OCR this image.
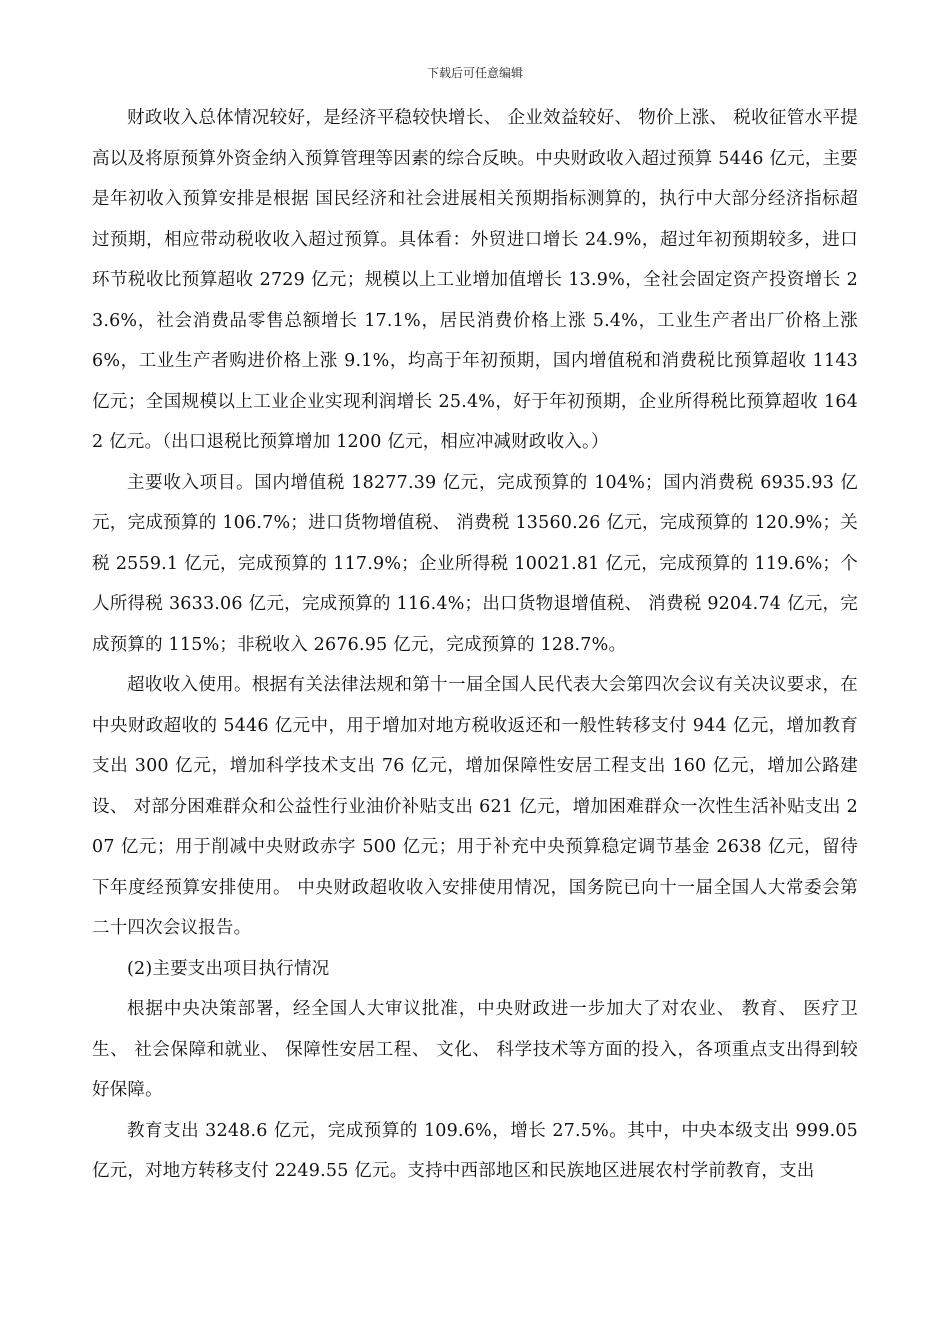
下载后可任意编辑

财政收入总体情况较好，是经济平稳较快增长、 企业效益较好、 物价上涨、 税收征管水平提高以及将原预算外资金纳入预算管理等因素的综合反映。中央财政收入超过预算 5446 亿元，主要是年初收入预算安排是根据 国民经济和社会进展相关预期指标测算的，执行中大部分经济指标超过预期，相应带动税收收入超过预算。具体看：外贸进口增长 24.9%，超过年初预期较多，进口环节税收比预算超收 2729 亿元；规模以上工业增加值增长 13.9%，全社会固定资产投资增长 23.6%，社会消费品零售总额增长 17.1%，居民消费价格上涨 5.4%，工业生产者出厂价格上涨 6%，工业生产者购进价格上涨 9.1%，均高于年初预期，国内增值税和消费税比预算超收 1143 亿元；全国规模以上工业企业实现利润增长 25.4%，好于年初预期，企业所得税比预算超收 1642 亿元。（出口退税比预算增加 1200 亿元，相应冲减财政收入。）

主要收入项目。国内增值税 18277.39 亿元，完成预算的 104%；国内消费税 6935.93 亿元，完成预算的 106.7%；进口货物增值税、 消费税 13560.26 亿元，完成预算的 120.9%；关税 2559.1 亿元，完成预算的 117.9%；企业所得税 10021.81 亿元，完成预算的 119.6%；个人所得税 3633.06 亿元，完成预算的 116.4%；出口货物退增值税、 消费税 9204.74 亿元，完成预算的 115%；非税收入 2676.95 亿元，完成预算的 128.7%。

超收收入使用。根据有关法律法规和第十一届全国人民代表大会第四次会议有关决议要求，在中央财政超收的 5446 亿元中，用于增加对地方税收返还和一般性转移支付 944 亿元，增加教育支出 300 亿元，增加科学技术支出 76 亿元，增加保障性安居工程支出 160 亿元，增加公路建设、 对部分困难群众和公益性行业油价补贴支出 621 亿元，增加困难群众一次性生活补贴支出 207 亿元；用于削减中央财政赤字 500 亿元；用于补充中央预算稳定调节基金 2638 亿元，留待下年度经预算安排使用。 中央财政超收收入安排使用情况，国务院已向十一届全国人大常委会第二十四次会议报告。

(2)主要支出项目执行情况

根据中央决策部署，经全国人大审议批准，中央财政进一步加大了对农业、 教育、 医疗卫生、 社会保障和就业、 保障性安居工程、 文化、 科学技术等方面的投入，各项重点支出得到较好保障。

教育支出 3248.6 亿元，完成预算的 109.6%，增长 27.5%。其中，中央本级支出 999.05 亿元，对地方转移支付 2249.55 亿元。支持中西部地区和民族地区进展农村学前教育，支出
